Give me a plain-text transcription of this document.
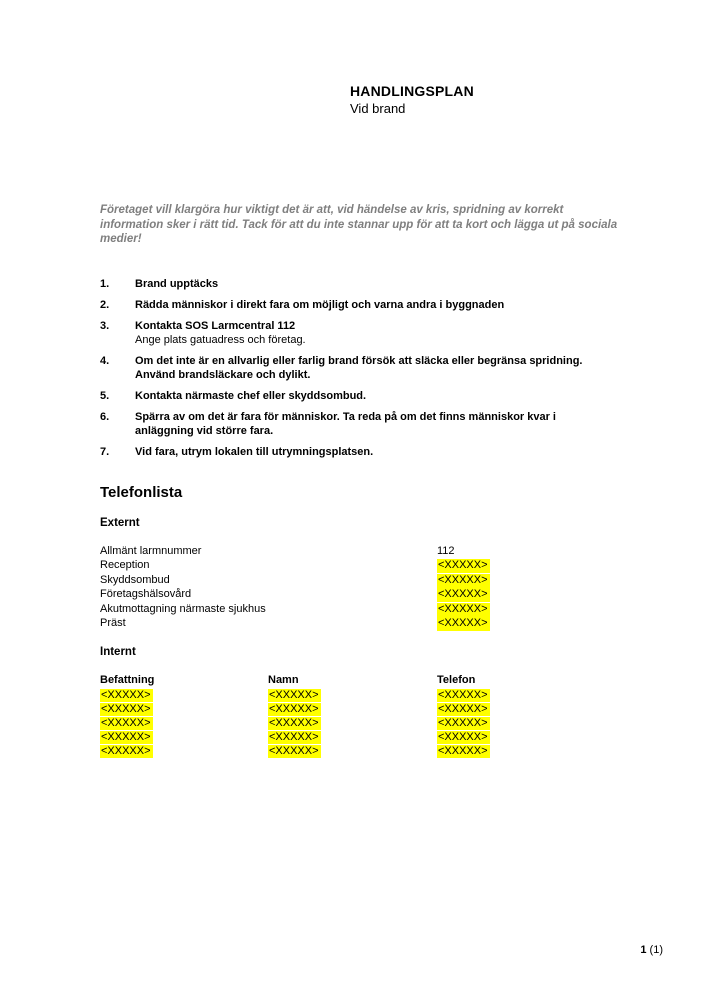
HANDLINGSPLAN
Vid brand

Företaget vill klargöra hur viktigt det är att, vid händelse av kris, spridning av korrekt information sker i rätt tid. Tack för att du inte stannar upp för att ta kort och lägga ut på sociala medier!

1.	Brand upptäcks
2.	Rädda människor i direkt fara om möjligt och varna andra i byggnaden
3.	Kontakta SOS Larmcentral 112
Ange plats gatuadress och företag.
4.	Om det inte är en allvarlig eller farlig brand försök att släcka eller begränsa spridning. Använd brandsläckare och dylikt.
5.	Kontakta närmaste chef eller skyddsombud.
6.	Spärra av om det är fara för människor. Ta reda på om det finns människor kvar i anläggning vid större fara.
7.	Vid fara, utrym lokalen till utrymningsplatsen.
Telefonlista
Externt
Allmänt larmnummer	112
Reception	<XXXXX>
Skyddsombud	<XXXXX>
Företagshälsovård	<XXXXX>
Akutmottagning närmaste sjukhus	<XXXXX>
Präst	<XXXXX>
Internt
Befattning	Namn	Telefon
<XXXXX>	<XXXXX>	<XXXXX>
<XXXXX>	<XXXXX>	<XXXXX>
<XXXXX>	<XXXXX>	<XXXXX>
<XXXXX>	<XXXXX>	<XXXXX>
<XXXXX>	<XXXXX>	<XXXXX>
1 (1)
